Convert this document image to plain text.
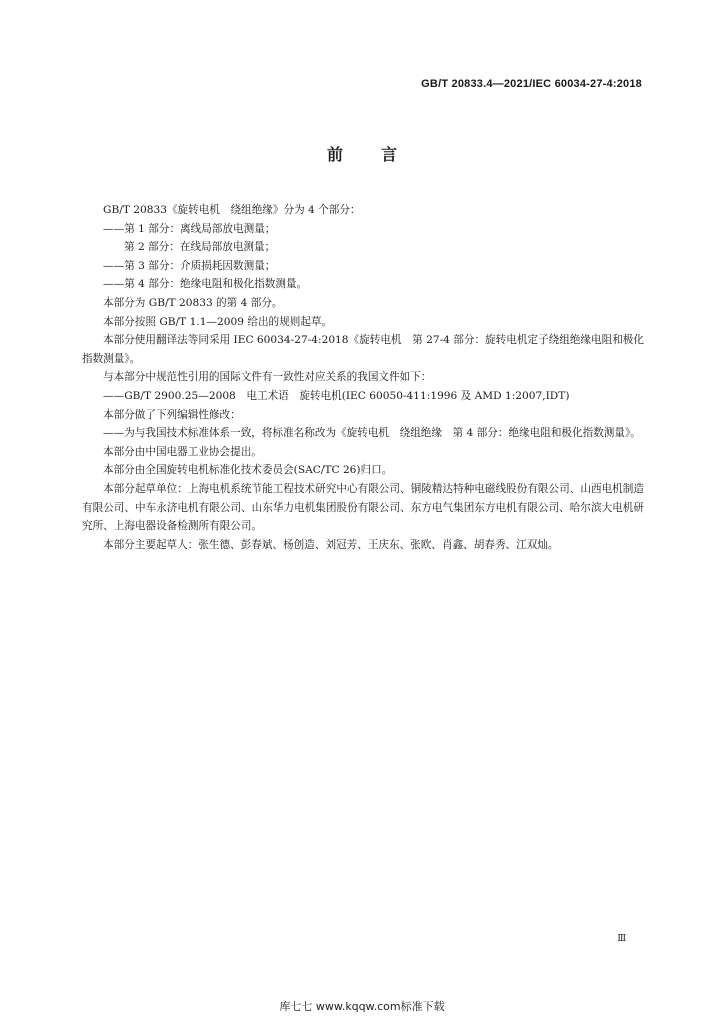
GB/T 20833.4—2021/IEC 60034-27-4:2018
前言

GB/T 20833《旋转电机　绕组绝缘》分为 4 个部分：

——第 1 部分：离线局部放电测量；

第 2 部分：在线局部放电测量；

——第 3 部分：介质损耗因数测量；

——第 4 部分：绝缘电阻和极化指数测量。

本部分为 GB/T 20833 的第 4 部分。

本部分按照 GB/T 1.1—2009 给出的规则起草。

本部分使用翻译法等同采用 IEC 60034-27-4:2018《旋转电机　第 27-4 部分：旋转电机定子绕组绝缘电阻和极化指数测量》。

与本部分中规范性引用的国际文件有一致性对应关系的我国文件如下：

——GB/T 2900.25—2008　电工术语　旋转电机(IEC 60050-411:1996 及 AMD 1:2007,IDT)

本部分做了下列编辑性修改：

——为与我国技术标准体系一致，将标准名称改为《旋转电机　绕组绝缘　第 4 部分：绝缘电阻和极化指数测量》。

本部分由中国电器工业协会提出。

本部分由全国旋转电机标准化技术委员会(SAC/TC 26)归口。

本部分起草单位：上海电机系统节能工程技术研究中心有限公司、铜陵精达特种电磁线股份有限公司、山西电机制造有限公司、中车永济电机有限公司、山东华力电机集团股份有限公司、东方电气集团东方电机有限公司、哈尔滨大电机研究所、上海电器设备检测所有限公司。

本部分主要起草人：张生德、彭春斌、杨创造、刘冠芳、王庆东、张欧、肖鑫、胡春秀、江双灿。

Ⅲ
库七七 www.kqqw.com标准下载
